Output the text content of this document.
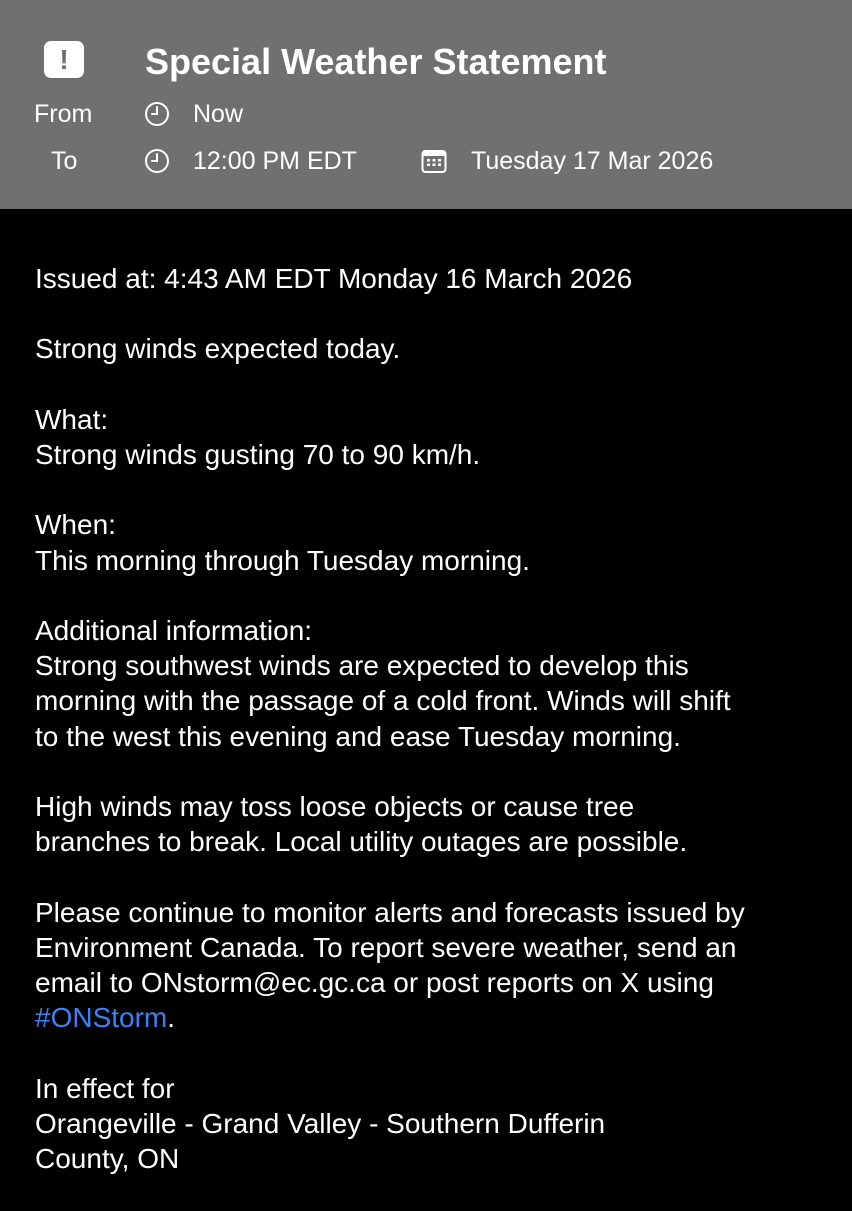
!	Special Weather Statement
From	Now
To	12:00 PM EDT	Tuesday 17 Mar 2026

Issued at: 4:43 AM EDT Monday 16 March 2026

Strong winds expected today.

What:
Strong winds gusting 70 to 90 km/h.

When:
This morning through Tuesday morning.

Additional information:
Strong southwest winds are expected to develop this
morning with the passage of a cold front. Winds will shift
to the west this evening and ease Tuesday morning.

High winds may toss loose objects or cause tree
branches to break. Local utility outages are possible.

Please continue to monitor alerts and forecasts issued by
Environment Canada. To report severe weather, send an
email to ONstorm@ec.gc.ca or post reports on X using
#ONStorm.

In effect for
Orangeville - Grand Valley - Southern Dufferin
County, ON
